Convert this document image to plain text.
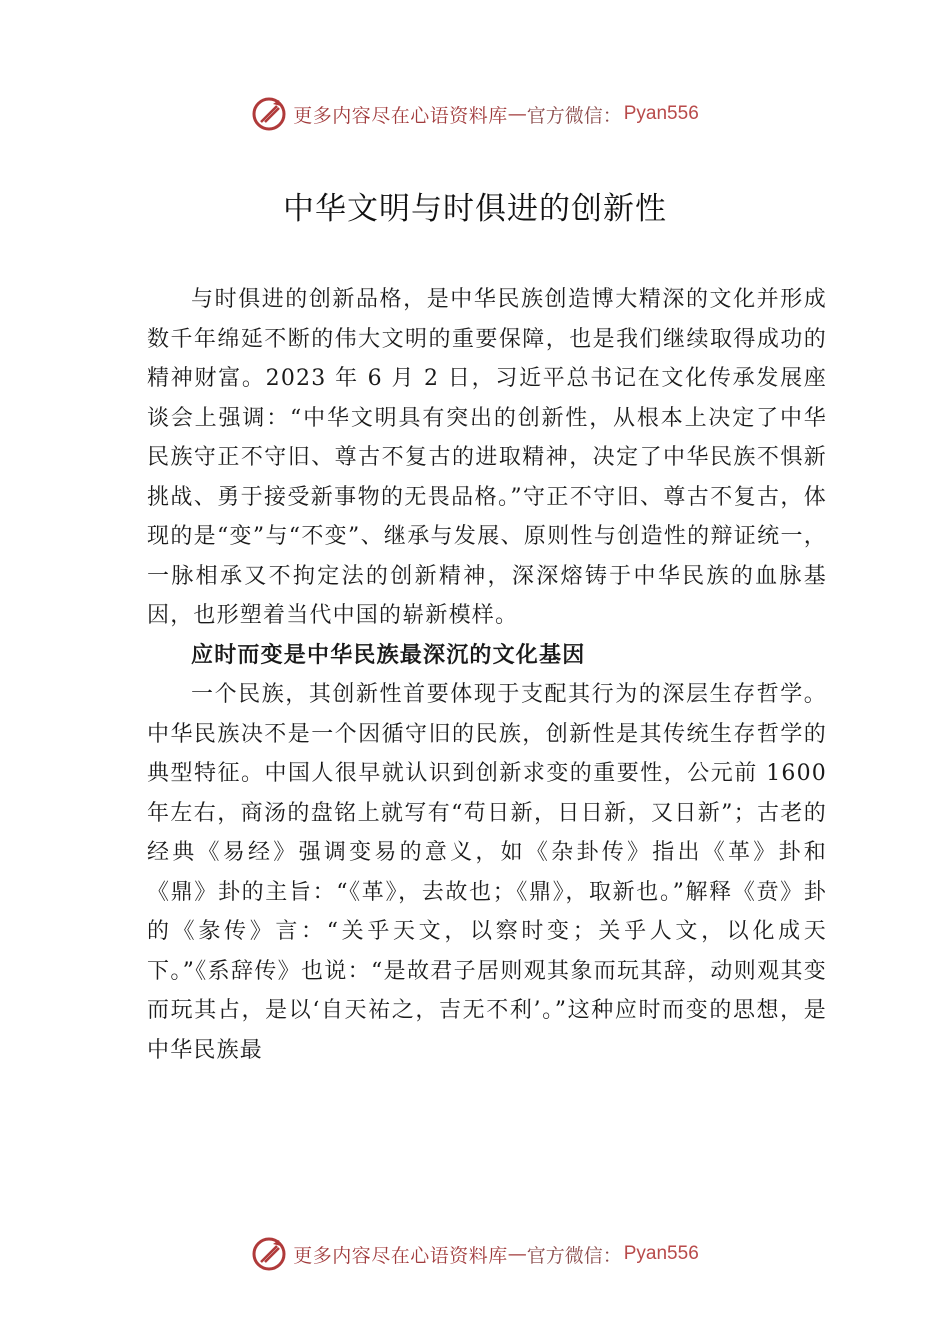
更多内容尽在心语资料库 — 官方微信： Pyan556
中华文明与时俱进的创新性

与时俱进的创新品格，是中华民族创造博大精深的文化并形成数千年绵延不断的伟大文明的重要保障，也是我们继续取得成功的精神财富。2023 年 6 月 2 日，习近平总书记在文化传承发展座谈会上强调：“中华文明具有突出的创新性，从根本上决定了中华民族守正不守旧、尊古不复古的进取精神，决定了中华民族不惧新挑战、勇于接受新事物的无畏品格。”守正不守旧、尊古不复古，体现的是“变”与“不变”、继承与发展、原则性与创造性的辩证统一，一脉相承又不拘定法的创新精神，深深熔铸于中华民族的血脉基因，也形塑着当代中国的崭新模样。

应时而变是中华民族最深沉的文化基因

一个民族，其创新性首要体现于支配其行为的深层生存哲学。中华民族决不是一个因循守旧的民族，创新性是其传统生存哲学的典型特征。中国人很早就认识到创新求变的重要性，公元前 1600 年左右，商汤的盘铭上就写有“苟日新，日日新，又日新”；古老的经典《易经》强调变易的意义，如《杂卦传》指出《革》卦和《鼎》卦的主旨：“《革》，去故也；《鼎》，取新也。”解释《贲》卦的《彖传》言：“关乎天文，以察时变；关乎人文，以化成天下。”《系辞传》也说：“是故君子居则观其象而玩其辞，动则观其变而玩其占，是以‘自天祐之，吉无不利’。”这种应时而变的思想，是中华民族最

更多内容尽在心语资料库 — 官方微信： Pyan556
